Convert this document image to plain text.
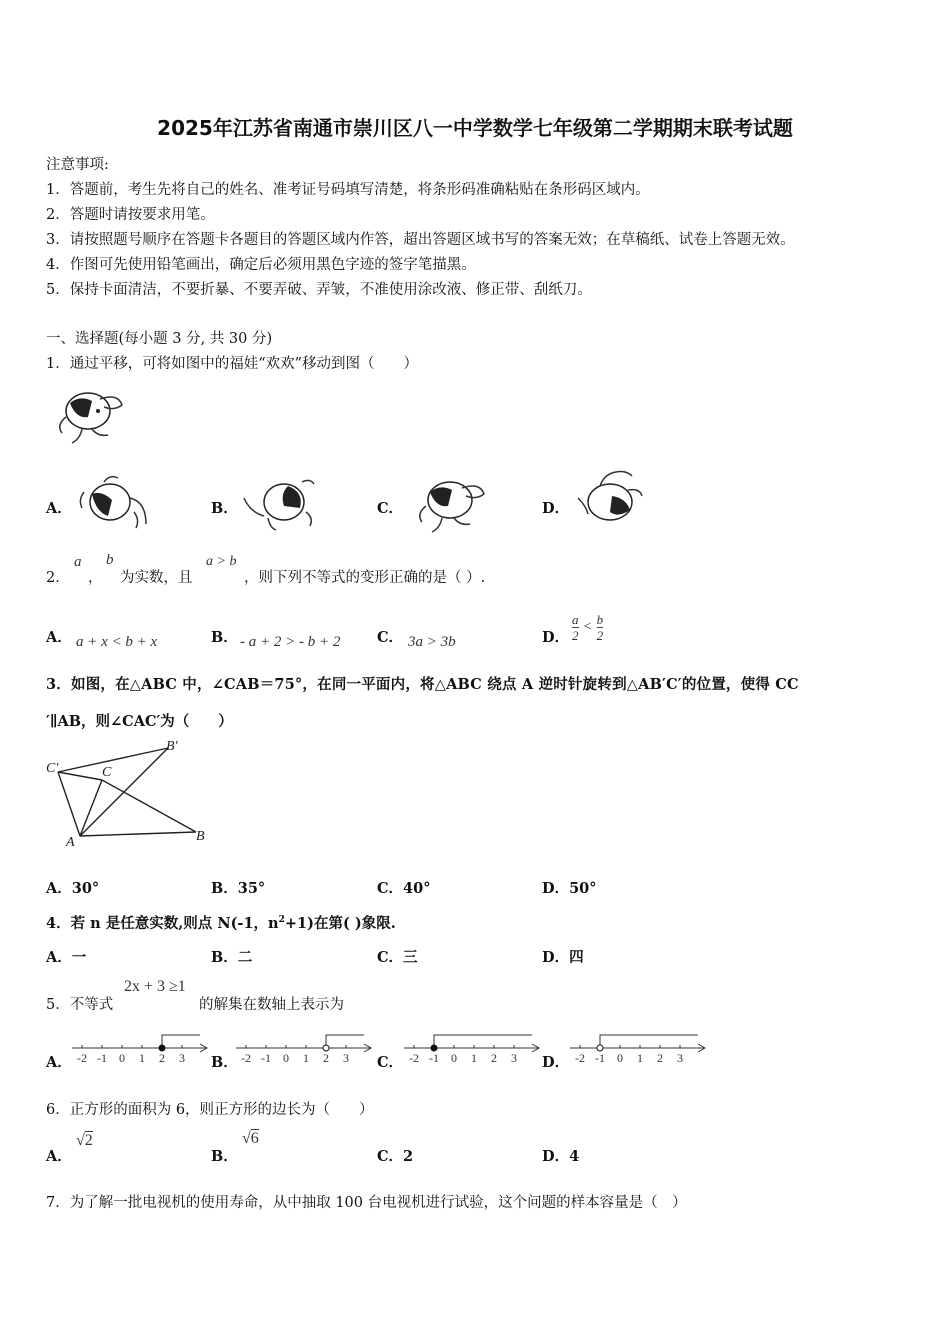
2025年江苏省南通市崇川区八一中学数学七年级第二学期期末联考试题
注意事项:
1．答题前，考生先将自己的姓名、准考证号码填写清楚，将条形码准确粘贴在条形码区域内。
2．答题时请按要求用笔。
3．请按照题号顺序在答题卡各题目的答题区域内作答，超出答题区域书写的答案无效；在草稿纸、试卷上答题无效。
4．作图可先使用铅笔画出，确定后必须用黑色字迹的签字笔描黑。
5．保持卡面清洁，不要折暴、不要弄破、弄皱，不准使用涂改液、修正带、刮纸刀。
一、选择题(每小题 3 分, 共 30 分)
1．通过平移，可将如图中的福娃“欢欢”移动到图（　　）
A．	B．	C．	D．
2．
a
，
b
为实数，且
a > b
，则下列不等式的变形正确的是（ ）.
A． a + x < b + x	B． - a + 2 > - b + 2	C． 3a > 3b	D． $\frac{a}{2} < \frac{b}{2}$
3．如图，在△ABC 中，∠CAB＝75°，在同一平面内，将△ABC 绕点 A 逆时针旋转到△AB′C′的位置，使得 CC
′∥AB，则∠CAC′为（　　）
C′	C
B′
A	B
A．30°	B．35°	C．40°	D．50°
4．若 n 是任意实数,则点 N(-1，$n^2+1$)在第( )象限.
A．一	B．二	C．三	D．四
5．不等式
2x + 3 ≥1
的解集在数轴上表示为
A．	B．	C．	D．
-2 -1 0 1 2 3	-2 -1 0 1 2 3	-2 -1 0 1 2 3	-2 -1 0 1 2 3
6．正方形的面积为 6，则正方形的边长为（　　）
A．
√2
B．
√6
C．2	D．4
7．为了解一批电视机的使用寿命，从中抽取 100 台电视机进行试验，这个问题的样本容量是（　）
